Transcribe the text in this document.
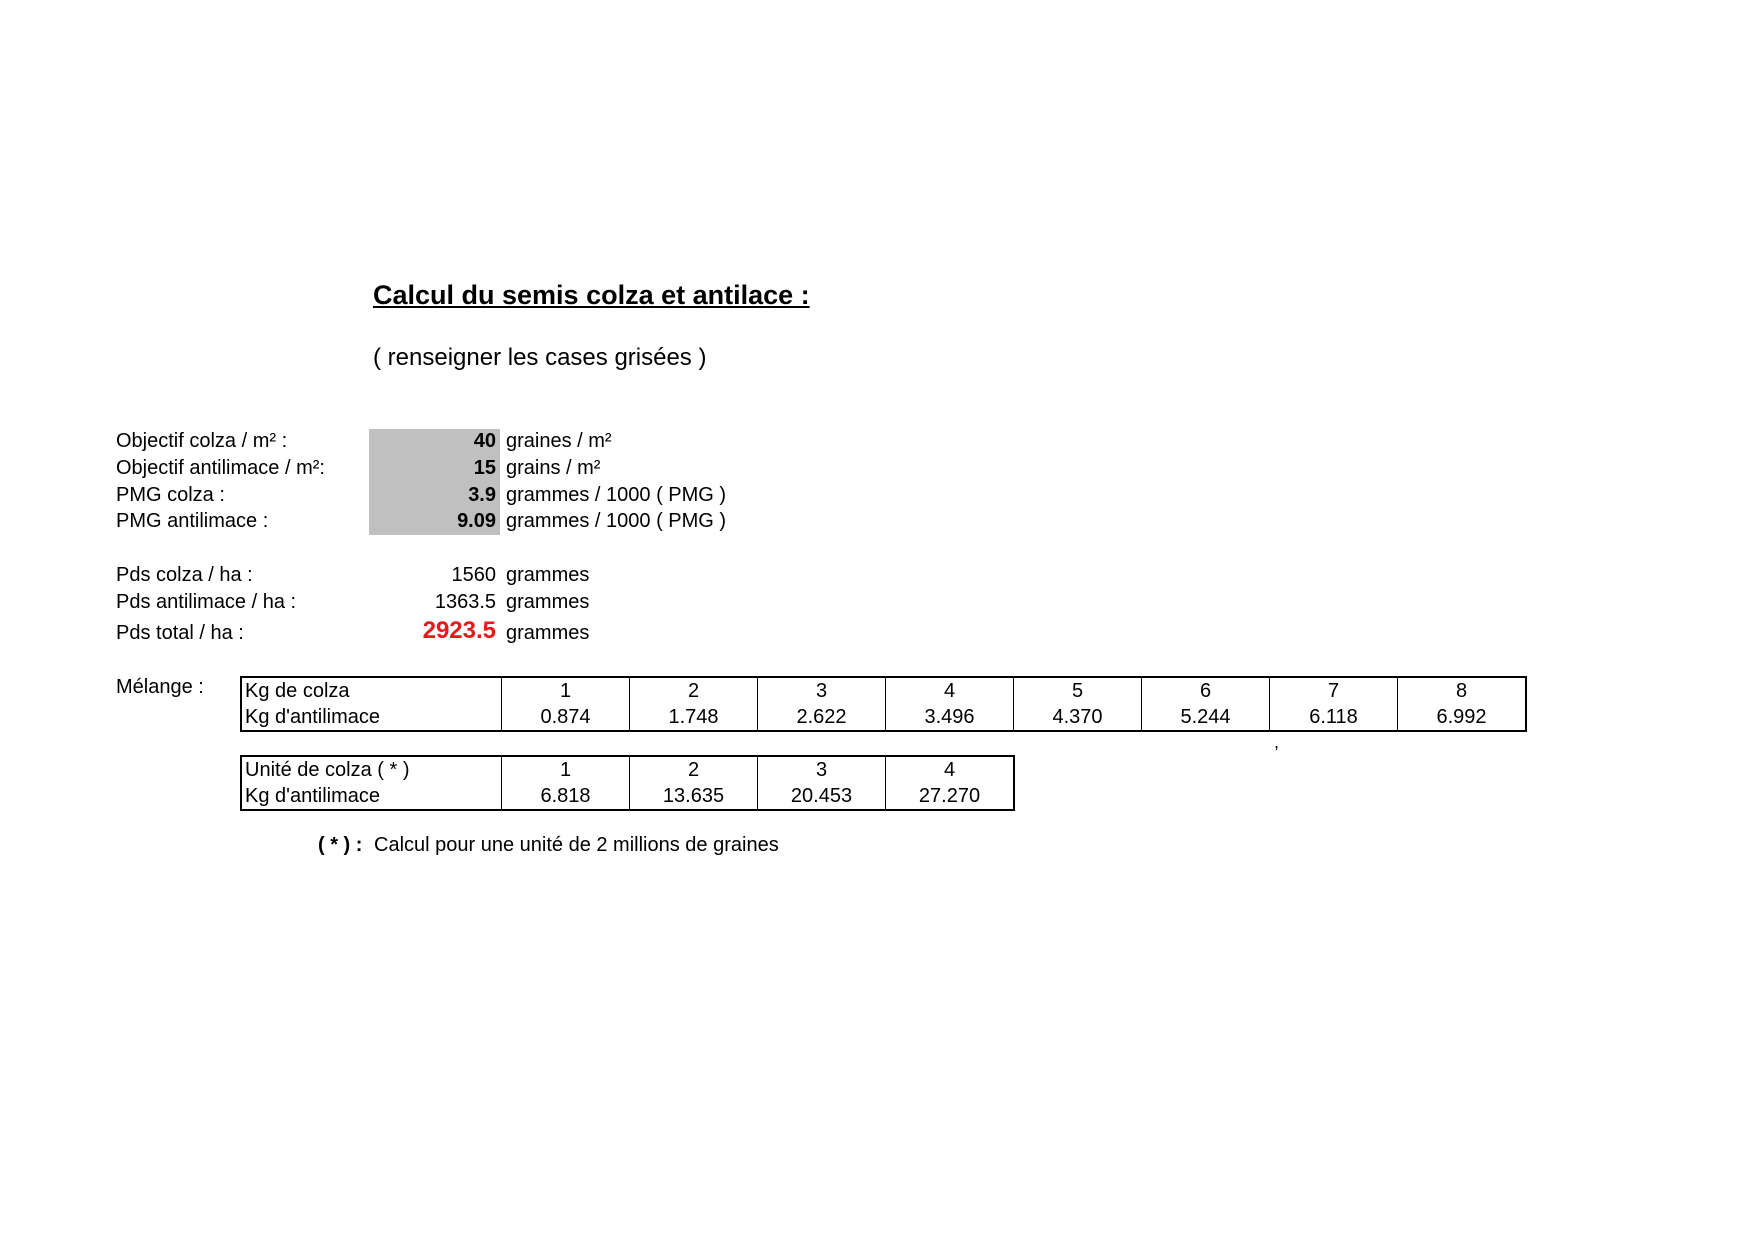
Calcul du semis colza et antilace :
( renseigner les cases grisées )
Objectif colza / m² :	40 graines / m²
Objectif antilimace / m²:	15 grains / m²
PMG colza :	3.9 grammes / 1000 ( PMG )
PMG antilimace :	9.09 grammes / 1000 ( PMG )
Pds colza / ha :	1560 grammes
Pds antilimace / ha :	1363.5 grammes
Pds total / ha :	2923.5 grammes
Mélange : Kg de colza	1	2	3	4	5	6	7	8
Kg d'antilimace	0.874	1.748	2.622	3.496	4.370	5.244	6.118	6.992
,
Unité de colza ( * )	1	2	3	4
Kg d'antilimace	6.818	13.635	20.453	27.270
( * ) : Calcul pour une unité de 2 millions de graines
